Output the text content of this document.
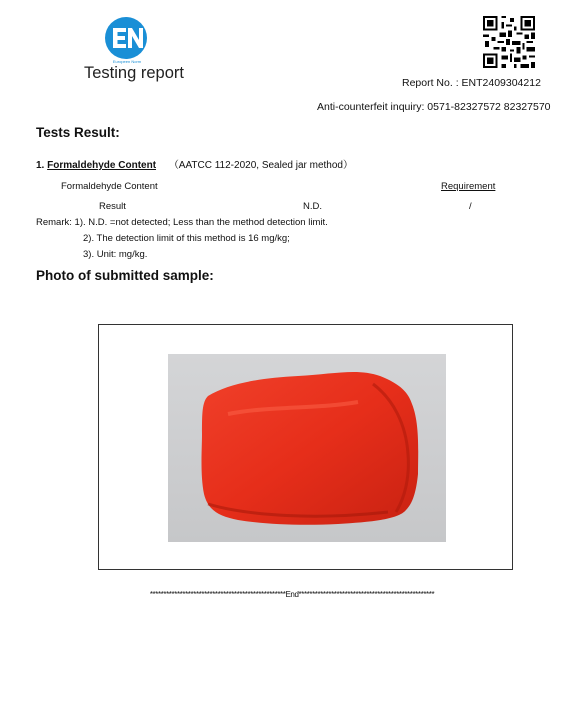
Europeen Norm
Testing report
Report No. : ENT2409304212
Anti-counterfeit inquiry: 0571-82327572 82327570
Tests Result:
1. Formaldehyde Content （AATCC 112-2020, Sealed jar method）
Formaldehyde Content	Requirement
Result	N.D.	/
Remark: 1). N.D. =not detected; Less than the method detection limit.
2). The detection limit of this method is 16 mg/kg;
3). Unit: mg/kg.
Photo of submitted sample:
**************************************************End**************************************************
